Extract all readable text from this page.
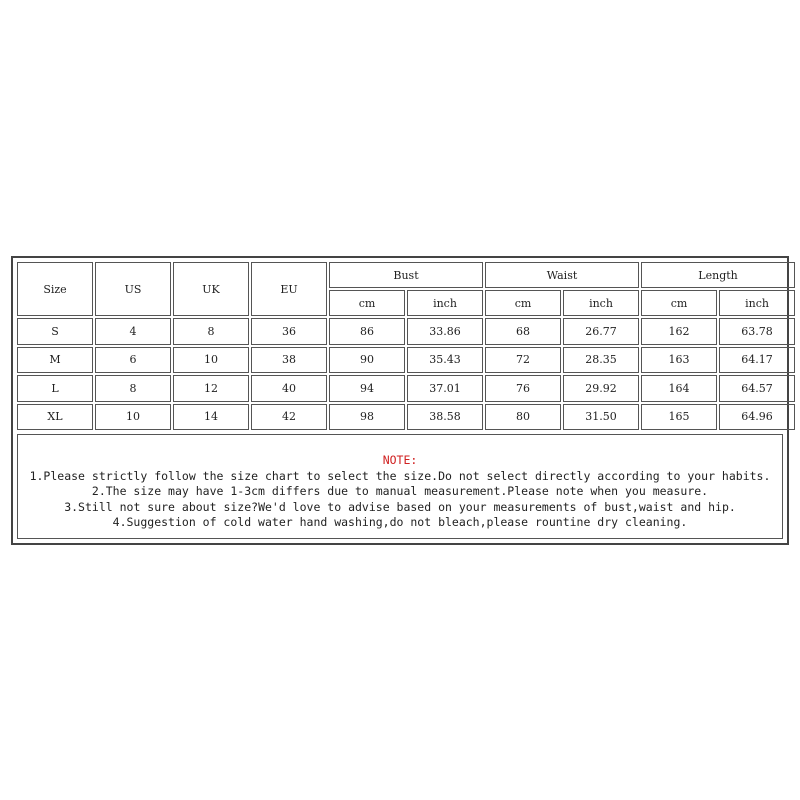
Size	US	UK	EU	Bust		Waist		Length	
				cm	inch	cm	inch	cm	inch
S	4	8	36	86	33.86	68	26.77	162	63.78
M	6	10	38	90	35.43	72	28.35	163	64.17
L	8	12	40	94	37.01	76	29.92	164	64.57
XL	10	14	42	98	38.58	80	31.50	165	64.96
NOTE:
1.Please strictly follow the size chart to select the size.Do not select directly according to your habits.
2.The size may have 1-3cm differs due to manual measurement.Please note when you measure.
3.Still not sure about size?We'd love to advise based on your measurements of bust,waist and hip.
4.Suggestion of cold water hand washing,do not bleach,please rountine dry cleaning.
